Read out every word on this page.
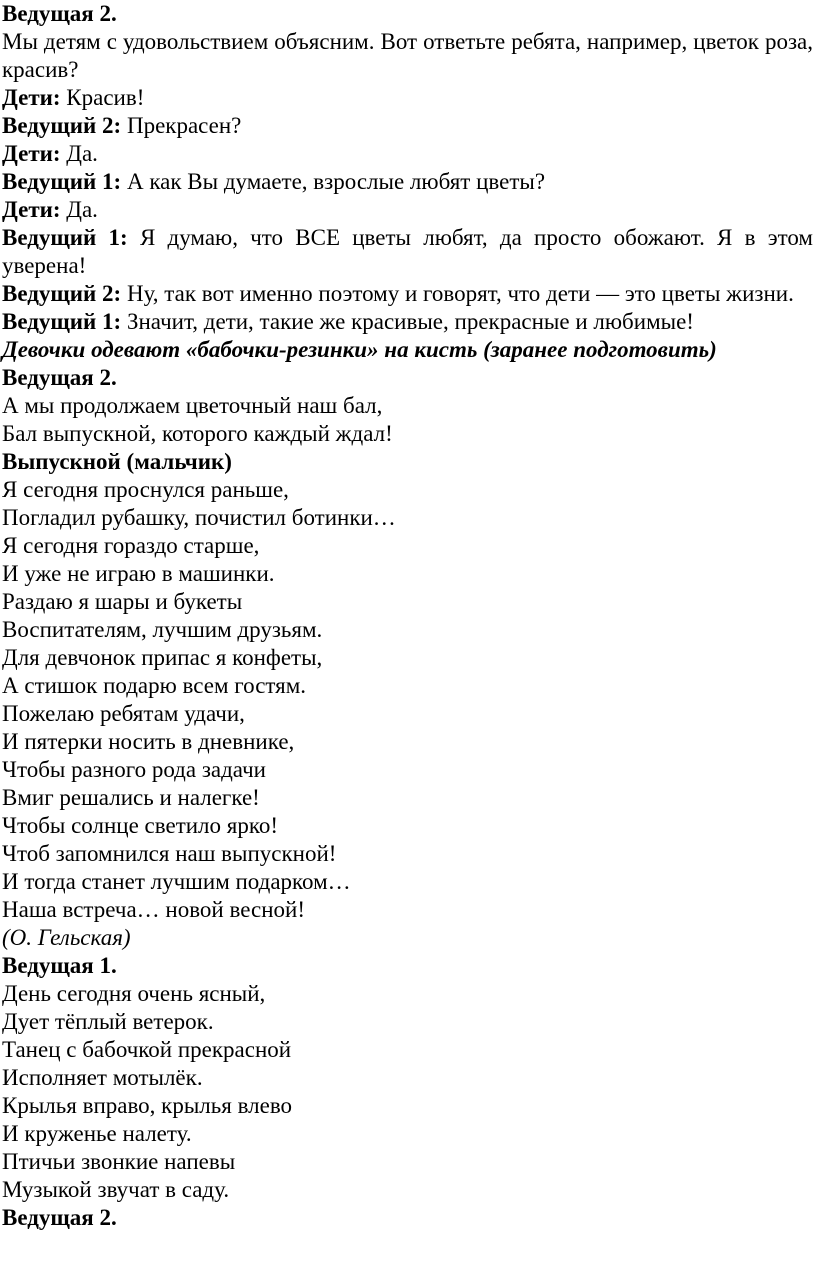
Ведущая 2.
Мы детям с удовольствием объясним. Вот ответьте ребята, например, цветок роза, красив?
Дети: Красив!
Ведущий 2: Прекрасен?
Дети: Да.
Ведущий 1: А как Вы думаете, взрослые любят цветы?
Дети: Да.
Ведущий 1: Я думаю, что ВСЕ цветы любят, да просто обожают. Я в этом уверена!
Ведущий 2: Ну, так вот именно поэтому и говорят, что дети — это цветы жизни.
Ведущий 1: Значит, дети, такие же красивые, прекрасные и любимые!
Девочки одевают «бабочки-резинки» на кисть (заранее подготовить)
Ведущая 2.
А мы продолжаем цветочный наш бал,
Бал выпускной, которого каждый ждал!
Выпускной (мальчик)
Я сегодня проснулся раньше,
Погладил рубашку, почистил ботинки…
Я сегодня гораздо старше,
И уже не играю в машинки.
Раздаю я шары и букеты
Воспитателям, лучшим друзьям.
Для девчонок припас я конфеты,
А стишок подарю всем гостям.
Пожелаю ребятам удачи,
И пятерки носить в дневнике,
Чтобы разного рода задачи
Вмиг решались и налегке!
Чтобы солнце светило ярко!
Чтоб запомнился наш выпускной!
И тогда станет лучшим подарком…
Наша встреча… новой весной!
(О. Гельская)
Ведущая 1.
День сегодня очень ясный,
Дует тёплый ветерок.
Танец с бабочкой прекрасной
Исполняет мотылёк.
Крылья вправо, крылья влево
И круженье налету.
Птичьи звонкие напевы
Музыкой звучат в саду.
Ведущая 2.
